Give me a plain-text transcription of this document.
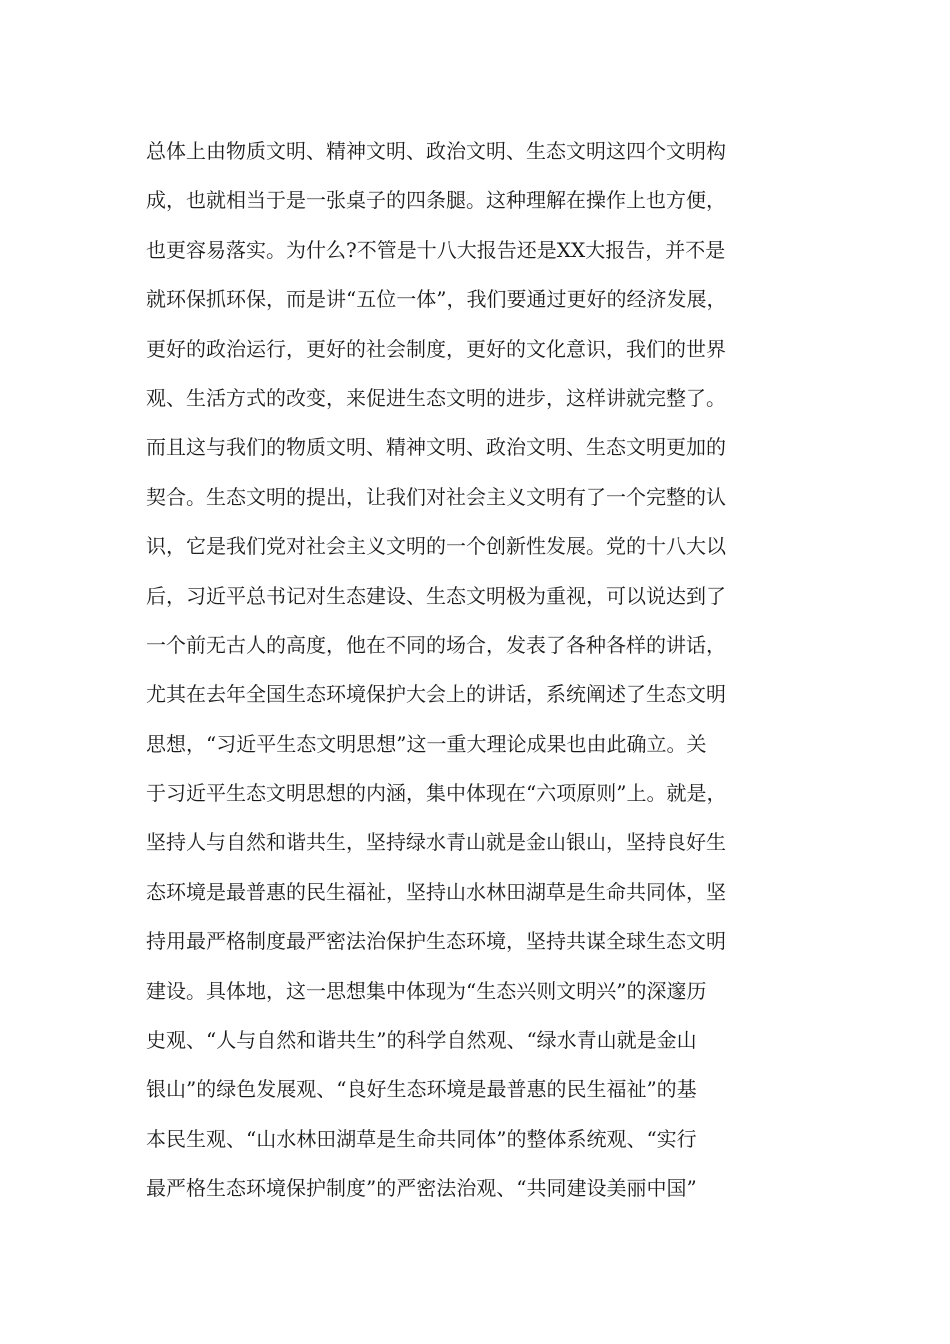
总体上由物质文明、精神文明、政治文明、生态文明这四个文明构
成，也就相当于是一张桌子的四条腿。这种理解在操作上也方便，
也更容易落实。为什么?不管是十八大报告还是XX大报告，并不是
就环保抓环保，而是讲“五位一体”，我们要通过更好的经济发展，
更好的政治运行，更好的社会制度，更好的文化意识，我们的世界
观、生活方式的改变，来促进生态文明的进步，这样讲就完整了。
而且这与我们的物质文明、精神文明、政治文明、生态文明更加的
契合。生态文明的提出，让我们对社会主义文明有了一个完整的认
识，它是我们党对社会主义文明的一个创新性发展。党的十八大以
后，习近平总书记对生态建设、生态文明极为重视，可以说达到了
一个前无古人的高度，他在不同的场合，发表了各种各样的讲话，
尤其在去年全国生态环境保护大会上的讲话，系统阐述了生态文明
思想，“习近平生态文明思想”这一重大理论成果也由此确立。关
于习近平生态文明思想的内涵，集中体现在“六项原则”上。就是，
坚持人与自然和谐共生，坚持绿水青山就是金山银山，坚持良好生
态环境是最普惠的民生福祉，坚持山水林田湖草是生命共同体，坚
持用最严格制度最严密法治保护生态环境，坚持共谋全球生态文明
建设。具体地，这一思想集中体现为“生态兴则文明兴”的深邃历
史观、“人与自然和谐共生”的科学自然观、“绿水青山就是金山
银山”的绿色发展观、“良好生态环境是最普惠的民生福祉”的基
本民生观、“山水林田湖草是生命共同体”的整体系统观、“实行
最严格生态环境保护制度”的严密法治观、“共同建设美丽中国”
